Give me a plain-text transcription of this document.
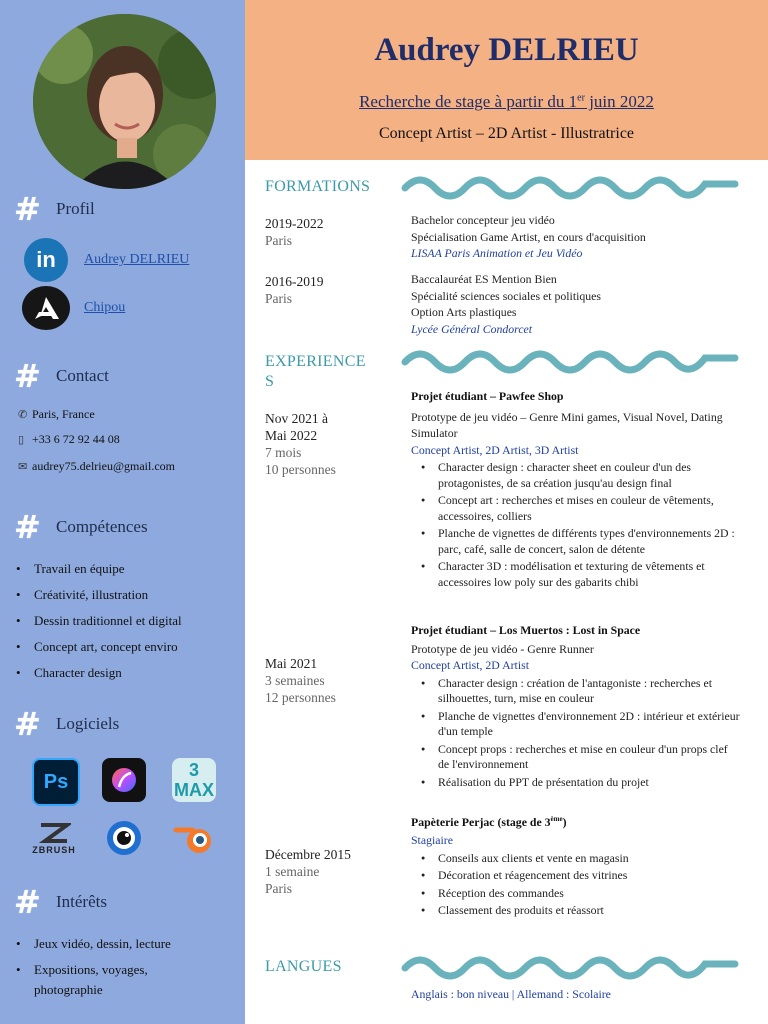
# Profil
in	Audrey DELRIEU
Chipou
# Contact
✆ Paris, France
▯ +33 6 72 92 44 08
✉ audrey75.delrieu@gmail.com
# Compétences
• Travail en équipe
• Créativité, illustration
• Dessin traditionnel et digital
• Concept art, concept enviro
• Character design
# Logiciels
Ps
3 MAX
ZBRUSH
# Intérêts
• Jeux vidéo, dessin, lecture
• Expositions, voyages, photographie
Audrey DELRIEU
Recherche de stage à partir du 1er juin 2022
Concept Artist – 2D Artist - Illustratrice
FORMATIONS
2019-2022
Paris
Bachelor concepteur jeu vidéo
Spécialisation Game Artist, en cours d'acquisition
LISAA Paris Animation et Jeu Vidéo
2016-2019
Paris
Baccalauréat ES Mention Bien
Spécialité sciences sociales et politiques
Option Arts plastiques
Lycée Général Condorcet
EXPERIENCE
S
Nov 2021 à
Mai 2022
7 mois
10 personnes
Projet étudiant – Pawfee Shop
Prototype de jeu vidéo – Genre Mini games, Visual Novel, Dating Simulator
Concept Artist, 2D Artist, 3D Artist
● Character design : character sheet en couleur d'un des protagonistes, de sa création jusqu'au design final
● Concept art : recherches et mises en couleur de vêtements, accessoires, colliers
● Planche de vignettes de différents types d'environnements 2D : parc, café, salle de concert, salon de détente
● Character 3D : modélisation et texturing de vêtements et accessoires low poly sur des gabarits chibi
Mai 2021
3 semaines
12 personnes
Projet étudiant – Los Muertos : Lost in Space
Prototype de jeu vidéo - Genre Runner
Concept Artist, 2D Artist
● Character design : création de l'antagoniste : recherches et silhouettes, turn, mise en couleur
● Planche de vignettes d'environnement 2D : intérieur et extérieur d'un temple
● Concept props : recherches et mise en couleur d'un props clef de l'environnement
● Réalisation du PPT de présentation du projet
Décembre 2015
1 semaine
Paris
Papèterie Perjac (stage de 3ème)
Stagiaire
● Conseils aux clients et vente en magasin
● Décoration et réagencement des vitrines
● Réception des commandes
● Classement des produits et réassort
LANGUES
Anglais : bon niveau | Allemand : Scolaire
